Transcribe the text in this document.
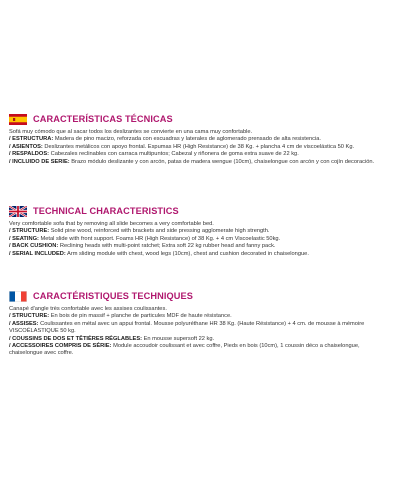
CARACTERÍSTICAS TÉCNICAS

Sofá muy cómodo que al sacar todos los deslizantes se convierte en una cama muy confortable.

/ ESTRUCTURA: Madera de pino macizo, reforzada con escuadras y laterales de aglomerado prensado de alta resistencia.

/ ASIENTOS: Deslizantes metálicos con apoyo frontal. Espumas HR (High Resistance) de 38 Kg. + plancha 4 cm de viscoelástica 50 Kg.

/ RESPALDOS: Cabezales reclinables con carraca multipuntos; Cabezal y riñonera de goma extra suave de 22 kg.

/ INCLUIDO DE SERIE: Brazo módulo deslizante y con arcón, patas de madera wengue (10cm), chaiselongue con arcón y con cojín decoración.

TECHNICAL CHARACTERISTICS

Very comfortable sofa that by removing all slide becomes a very comfortable bed.

/ STRUCTURE: Solid pine wood, reinforced with brackets and side pressing agglomerate high strength.

/ SEATING: Metal slide with front support. Foams HR (High Resistance) of 38 Kg. + 4 cm Viscoelastic 50kg.

/ BACK CUSHION: Reclining heads with multi-point ratchet; Extra soft 22 kg rubber head and fanny pack.

/ SERIAL INCLUDED: Arm sliding module with chest, wood legs (10cm), chest and cushion decorated in chaiselongue.

CARACTÉRISTIQUES TECHNIQUES

Canapé d'angle très confortable avec les assises coulissantes.

/ STRUCTURE: En bois de pin massif + planche de particules MDF de haute résistance.

/ ASSISES: Coulissantes en métal avec un appui frontal. Mousse polyuréthane HR 38 Kg. (Haute Résistance) + 4 cm. de mousse à mémoire VISCOÉLASTIQUE 50 kg.

/ COUSSINS DE DOS ET TÊTIÈRES RÉGLABLES: En mousse supersoft 22 kg.

/ ACCESSOIRES COMPRIS DE SÉRIE: Module accoudoir coulissant et avec coffre, Pieds en bois (10cm), 1 coussin déco a chaiselongue, chaiselongue avec coffre.
